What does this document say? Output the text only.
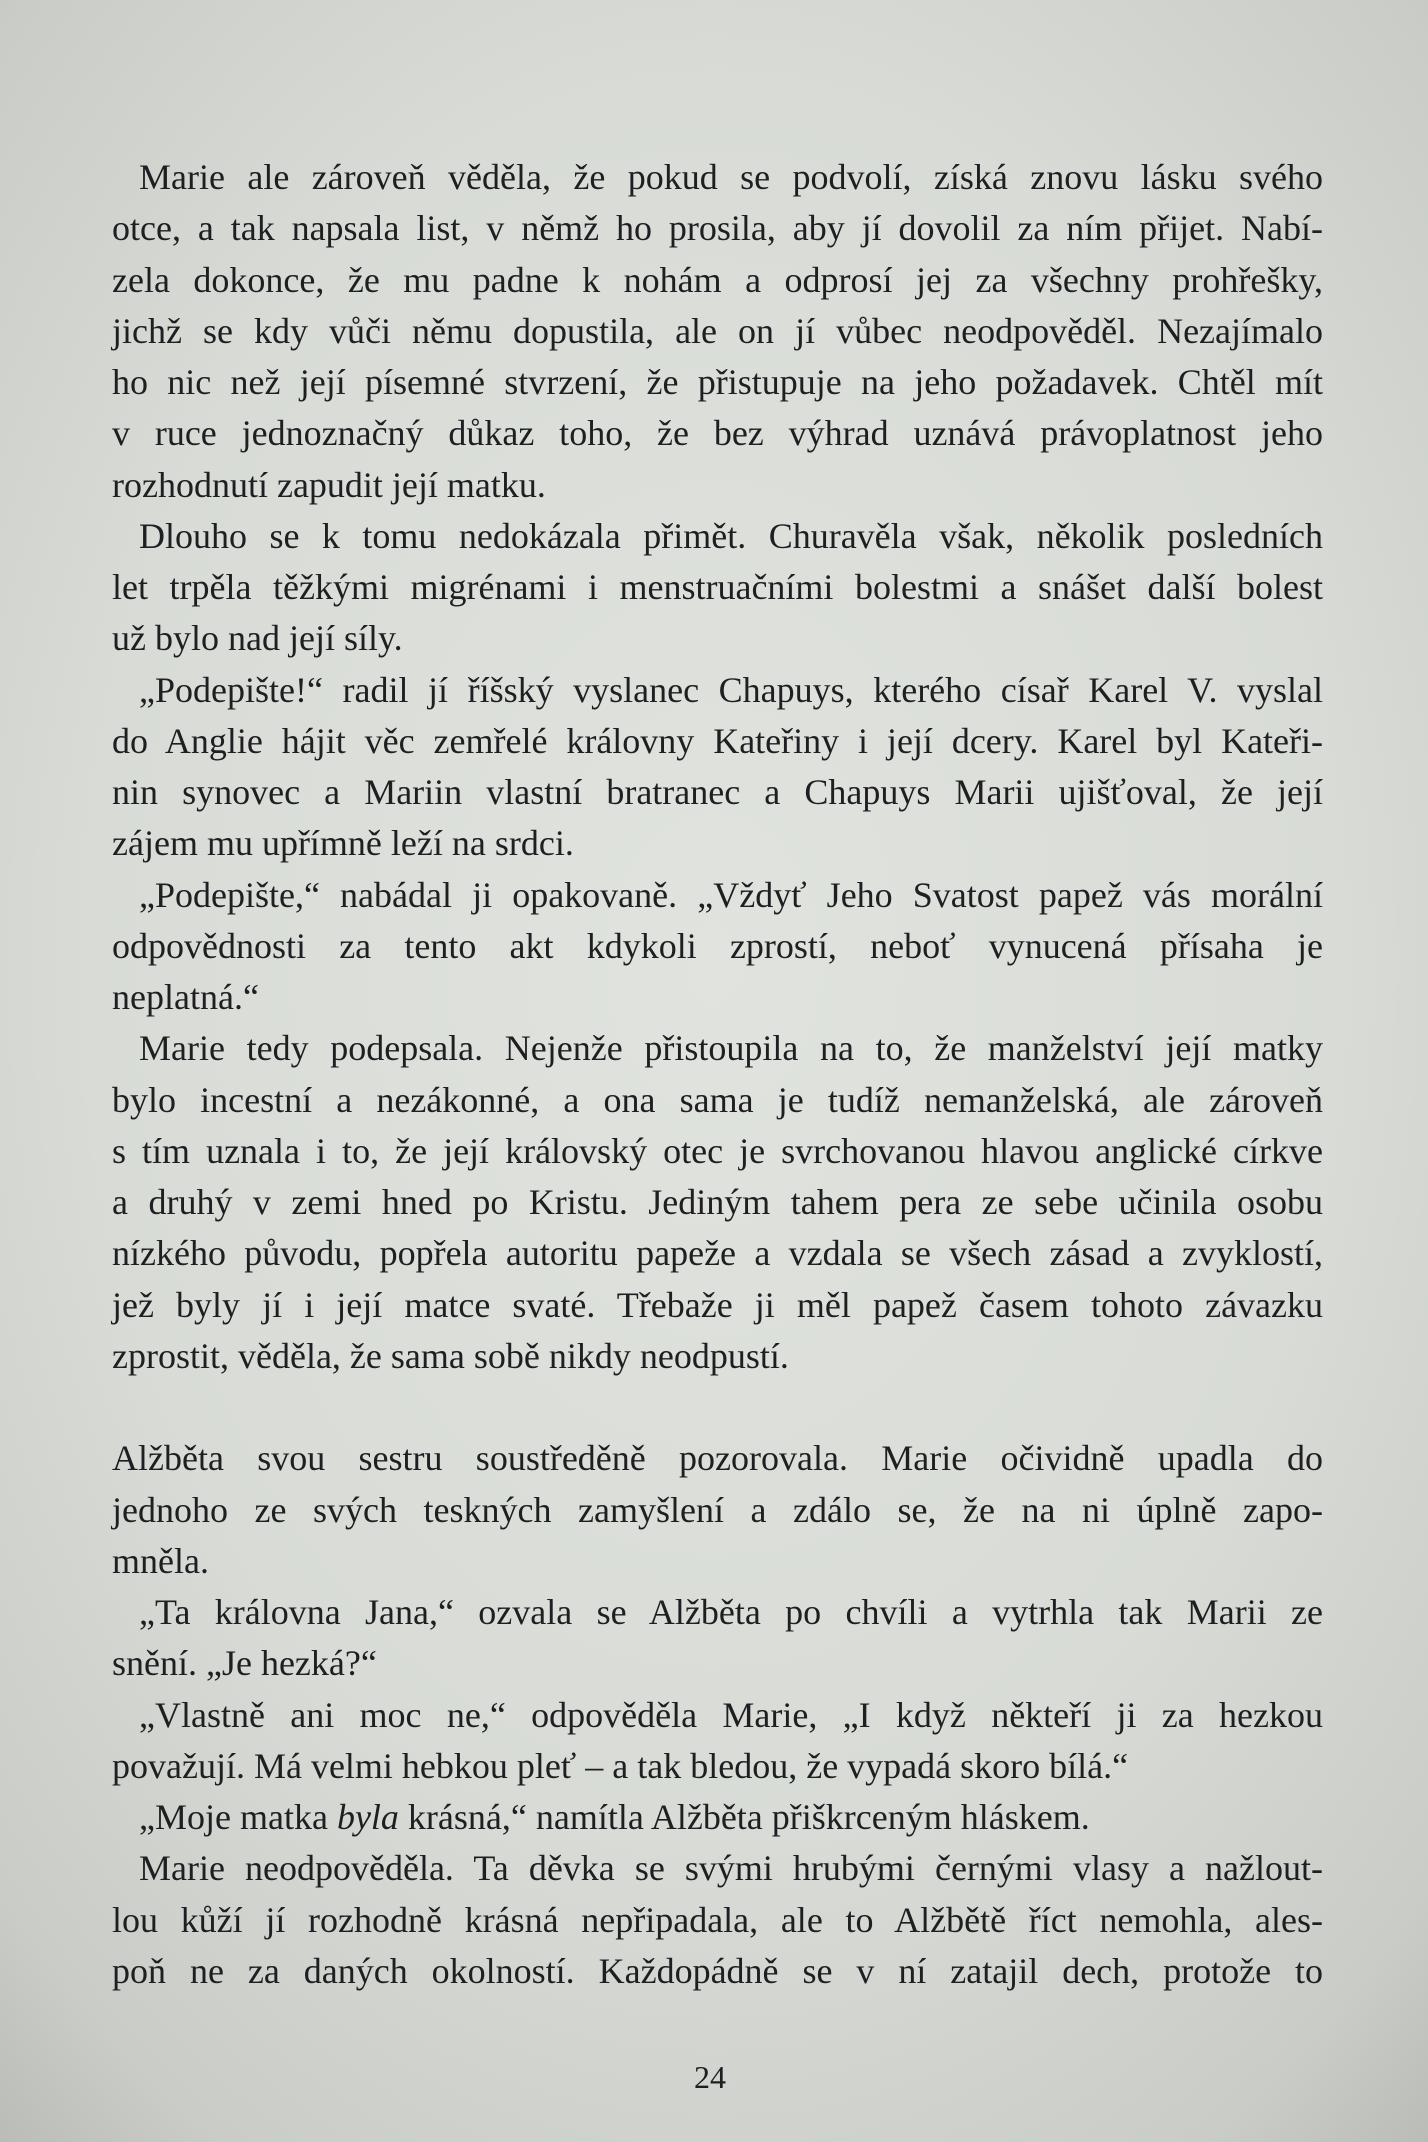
Marie ale zároveň věděla, že pokud se podvolí, získá znovu lásku svého
otce, a tak napsala list, v němž ho prosila, aby jí dovolil za ním přijet. Nabí-
zela dokonce, že mu padne k nohám a odprosí jej za všechny prohřešky,
jichž se kdy vůči němu dopustila, ale on jí vůbec neodpověděl. Nezajímalo
ho nic než její písemné stvrzení, že přistupuje na jeho požadavek. Chtěl mít
v ruce jednoznačný důkaz toho, že bez výhrad uznává právoplatnost jeho
rozhodnutí zapudit její matku.
Dlouho se k tomu nedokázala přimět. Churavěla však, několik posledních
let trpěla těžkými migrénami i menstruačními bolestmi a snášet další bolest
už bylo nad její síly.
„Podepište!“ radil jí říšský vyslanec Chapuys, kterého císař Karel V. vyslal
do Anglie hájit věc zemřelé královny Kateřiny i její dcery. Karel byl Kateři-
nin synovec a Mariin vlastní bratranec a Chapuys Marii ujišťoval, že její
zájem mu upřímně leží na srdci.
„Podepište,“ nabádal ji opakovaně. „Vždyť Jeho Svatost papež vás morální
odpovědnosti za tento akt kdykoli zprostí, neboť vynucená přísaha je
neplatná.“
Marie tedy podepsala. Nejenže přistoupila na to, že manželství její matky
bylo incestní a nezákonné, a ona sama je tudíž nemanželská, ale zároveň
s tím uznala i to, že její královský otec je svrchovanou hlavou anglické církve
a druhý v zemi hned po Kristu. Jediným tahem pera ze sebe učinila osobu
nízkého původu, popřela autoritu papeže a vzdala se všech zásad a zvyklostí,
jež byly jí i její matce svaté. Třebaže ji měl papež časem tohoto závazku
zprostit, věděla, že sama sobě nikdy neodpustí.
Alžběta svou sestru soustředěně pozorovala. Marie očividně upadla do
jednoho ze svých teskných zamyšlení a zdálo se, že na ni úplně zapo-
mněla.
„Ta královna Jana,“ ozvala se Alžběta po chvíli a vytrhla tak Marii ze
snění. „Je hezká?“
„Vlastně ani moc ne,“ odpověděla Marie, „I když někteří ji za hezkou
považují. Má velmi hebkou pleť – a tak bledou, že vypadá skoro bílá.“
„Moje matka byla krásná,“ namítla Alžběta přiškrceným hláskem.
Marie neodpověděla. Ta děvka se svými hrubými černými vlasy a nažlout-
lou kůží jí rozhodně krásná nepřipadala, ale to Alžbětě říct nemohla, ales-
poň ne za daných okolností. Každopádně se v ní zatajil dech, protože to
24
